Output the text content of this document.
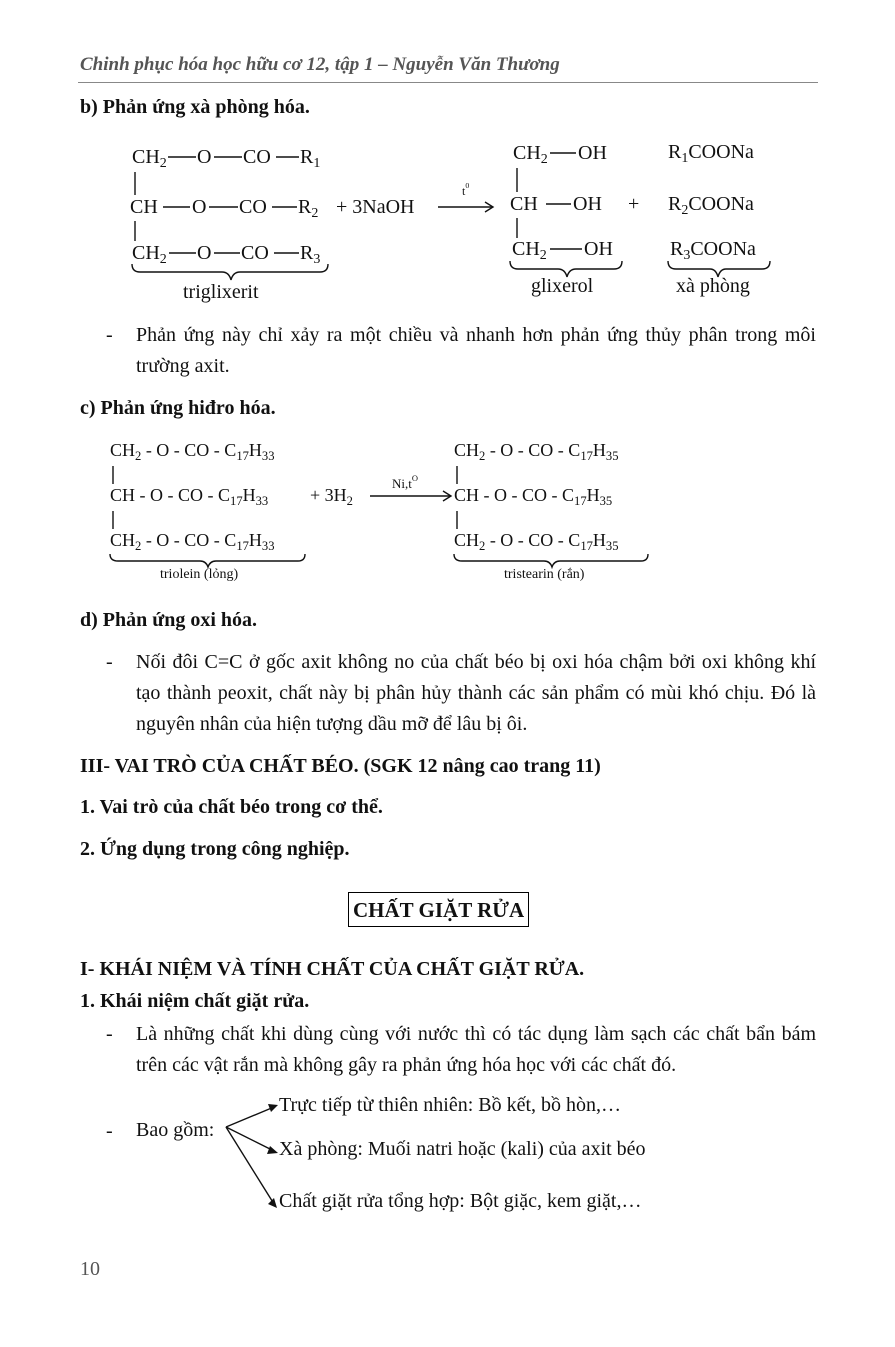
Chinh phục hóa học hữu cơ 12, tập 1 – Nguyễn Văn Thương
b) Phản ứng xà phòng hóa.
$CH_2$ O CO $R_1$
CH O CO $R_2$
$CH_2$ O CO $R_3$
+ 3NaOH
$t^0$
$CH_2$ OH
CH OH
$CH_2$ OH
+
$R_1COONa$
$R_2COONa$
$R_3COONa$
triglixerit	glixerol	xà phòng
- Phản ứng này chỉ xảy ra một chiều và nhanh hơn phản ứng thủy phân trong môi trường axit.
c) Phản ứng hiđro hóa.
$CH_2$ - O - CO - $C_{17}H_{33}$
CH - O - CO - $C_{17}H_{33}$
$CH_2$ - O - CO - $C_{17}H_{33}$
+ $3H_2$
$Ni,t^O$
$CH_2$ - O - CO - $C_{17}H_{35}$
CH - O - CO - $C_{17}H_{35}$
$CH_2$ - O - CO - $C_{17}H_{35}$
triolein (lỏng)	tristearin (rắn)
d) Phản ứng oxi hóa.
- Nối đôi C=C ở gốc axit không no của chất béo bị oxi hóa chậm bởi oxi không khí tạo thành peoxit, chất này bị phân hủy thành các sản phẩm có mùi khó chịu. Đó là nguyên nhân của hiện tượng dầu mỡ để lâu bị ôi.
III- VAI TRÒ CỦA CHẤT BÉO. (SGK 12 nâng cao trang 11)
1. Vai trò của chất béo trong cơ thể.
2. Ứng dụng trong công nghiệp.
CHẤT GIẶT RỬA
I- KHÁI NIỆM VÀ TÍNH CHẤT CỦA CHẤT GIẶT RỬA.
1. Khái niệm chất giặt rửa.
- Là những chất khi dùng cùng với nước thì có tác dụng làm sạch các chất bẩn bám trên các vật rắn mà không gây ra phản ứng hóa học với các chất đó.
- Bao gồm:
Trực tiếp từ thiên nhiên: Bồ kết, bồ hòn,…
Xà phòng: Muối natri hoặc (kali) của axit béo
Chất giặt rửa tổng hợp: Bột giặc, kem giặt,…
10
